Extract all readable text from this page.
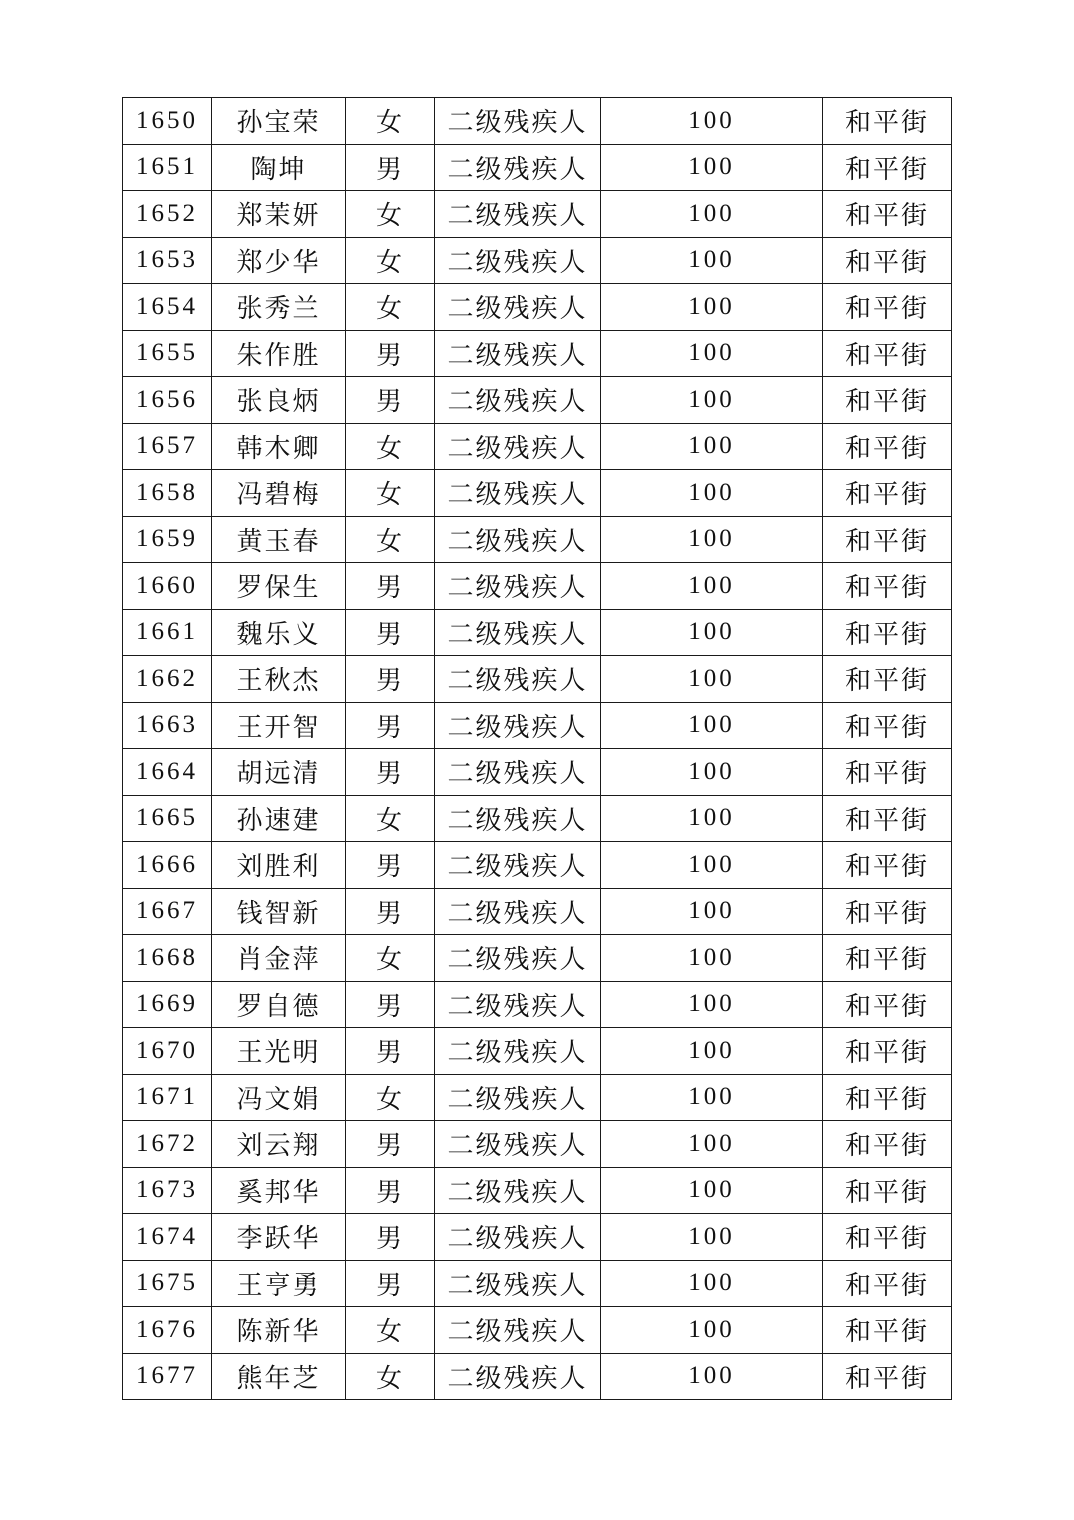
1650	孙宝荣	女	二级残疾人	100	和平街
1651	陶坤	男	二级残疾人	100	和平街
1652	郑茉妍	女	二级残疾人	100	和平街
1653	郑少华	女	二级残疾人	100	和平街
1654	张秀兰	女	二级残疾人	100	和平街
1655	朱作胜	男	二级残疾人	100	和平街
1656	张良炳	男	二级残疾人	100	和平街
1657	韩木卿	女	二级残疾人	100	和平街
1658	冯碧梅	女	二级残疾人	100	和平街
1659	黄玉春	女	二级残疾人	100	和平街
1660	罗保生	男	二级残疾人	100	和平街
1661	魏乐义	男	二级残疾人	100	和平街
1662	王秋杰	男	二级残疾人	100	和平街
1663	王开智	男	二级残疾人	100	和平街
1664	胡远清	男	二级残疾人	100	和平街
1665	孙速建	女	二级残疾人	100	和平街
1666	刘胜利	男	二级残疾人	100	和平街
1667	钱智新	男	二级残疾人	100	和平街
1668	肖金萍	女	二级残疾人	100	和平街
1669	罗自德	男	二级残疾人	100	和平街
1670	王光明	男	二级残疾人	100	和平街
1671	冯文娟	女	二级残疾人	100	和平街
1672	刘云翔	男	二级残疾人	100	和平街
1673	奚邦华	男	二级残疾人	100	和平街
1674	李跃华	男	二级残疾人	100	和平街
1675	王亨勇	男	二级残疾人	100	和平街
1676	陈新华	女	二级残疾人	100	和平街
1677	熊年芝	女	二级残疾人	100	和平街
